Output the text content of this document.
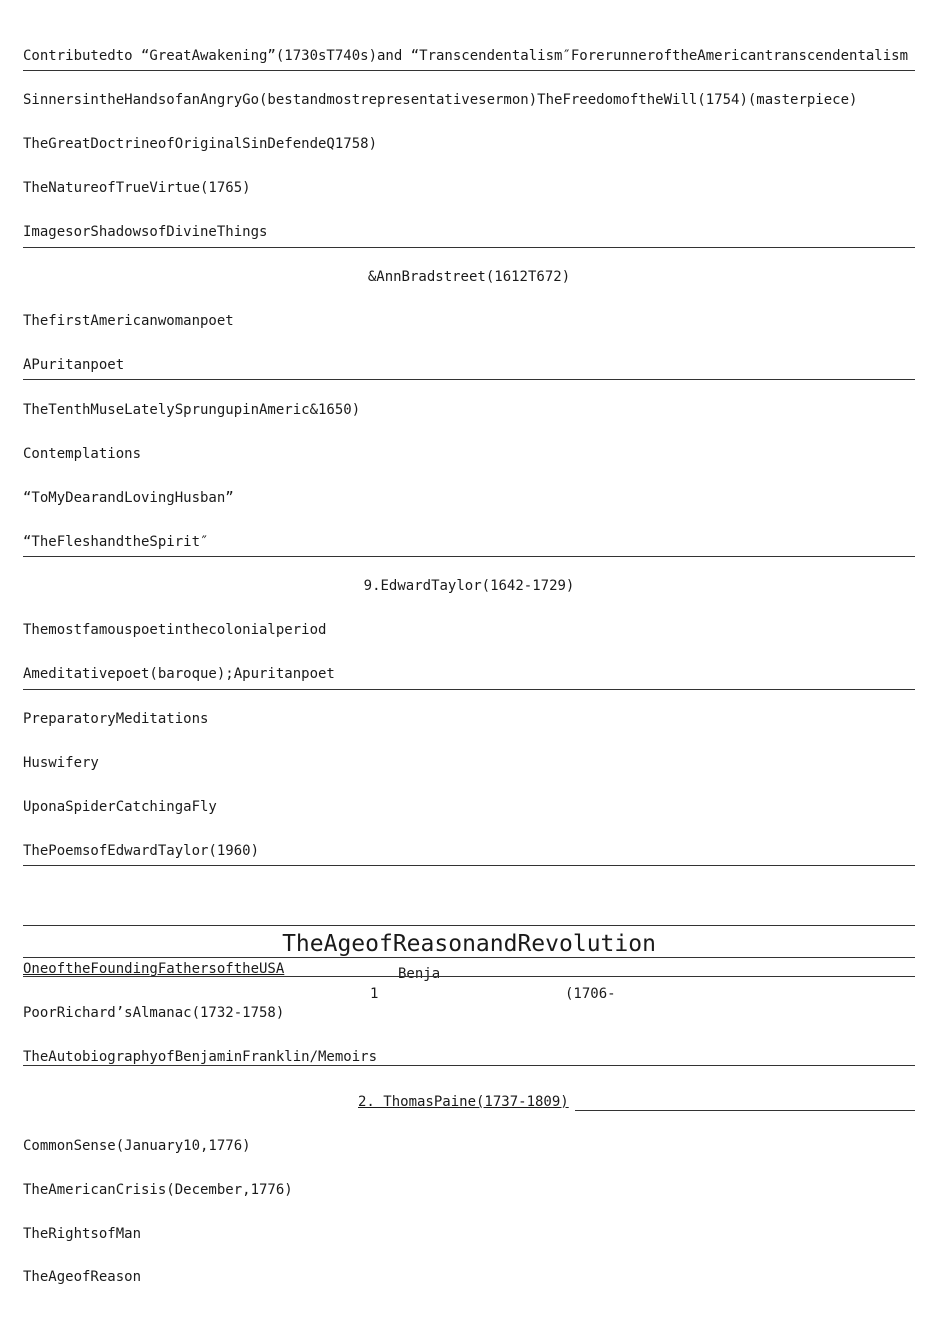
Contributedto “GreatAwakening”(1730sT740s)and “Transcendentalism″ForerunneroftheAmericantranscendentalism
SinnersintheHandsofanAngryGo(bestandmostrepresentativesermon)TheFreedomoftheWill(1754)(masterpiece)
TheGreatDoctrineofOriginalSinDefendeQ1758)
TheNatureofTrueVirtue(1765)
ImagesorShadowsofDivineThings
&AnnBradstreet(1612T672)
ThefirstAmericanwomanpoet
APuritanpoet
TheTenthMuseLatelySprungupinAmeric&1650)
Contemplations
“ToMyDearandLovingHusban”
“TheFleshandtheSpirit″
9.EdwardTaylor(1642-1729)
Themostfamouspoetinthecolonialperiod
Ameditativepoet(baroque);Apuritanpoet
PreparatoryMeditations
Huswifery
UponaSpiderCatchingaFly
ThePoemsofEdwardTaylor(1960)
TheAgeofReasonandRevolution
OneoftheFoundingFathersoftheUSA	Benja
1	(1706-
PoorRichard’sAlmanac(1732-1758)
TheAutobiographyofBenjaminFranklin/Memoirs
2. ThomasPaine(1737-1809)
CommonSense(January10,1776)
TheAmericanCrisis(December,1776)
TheRightsofMan
TheAgeofReason
